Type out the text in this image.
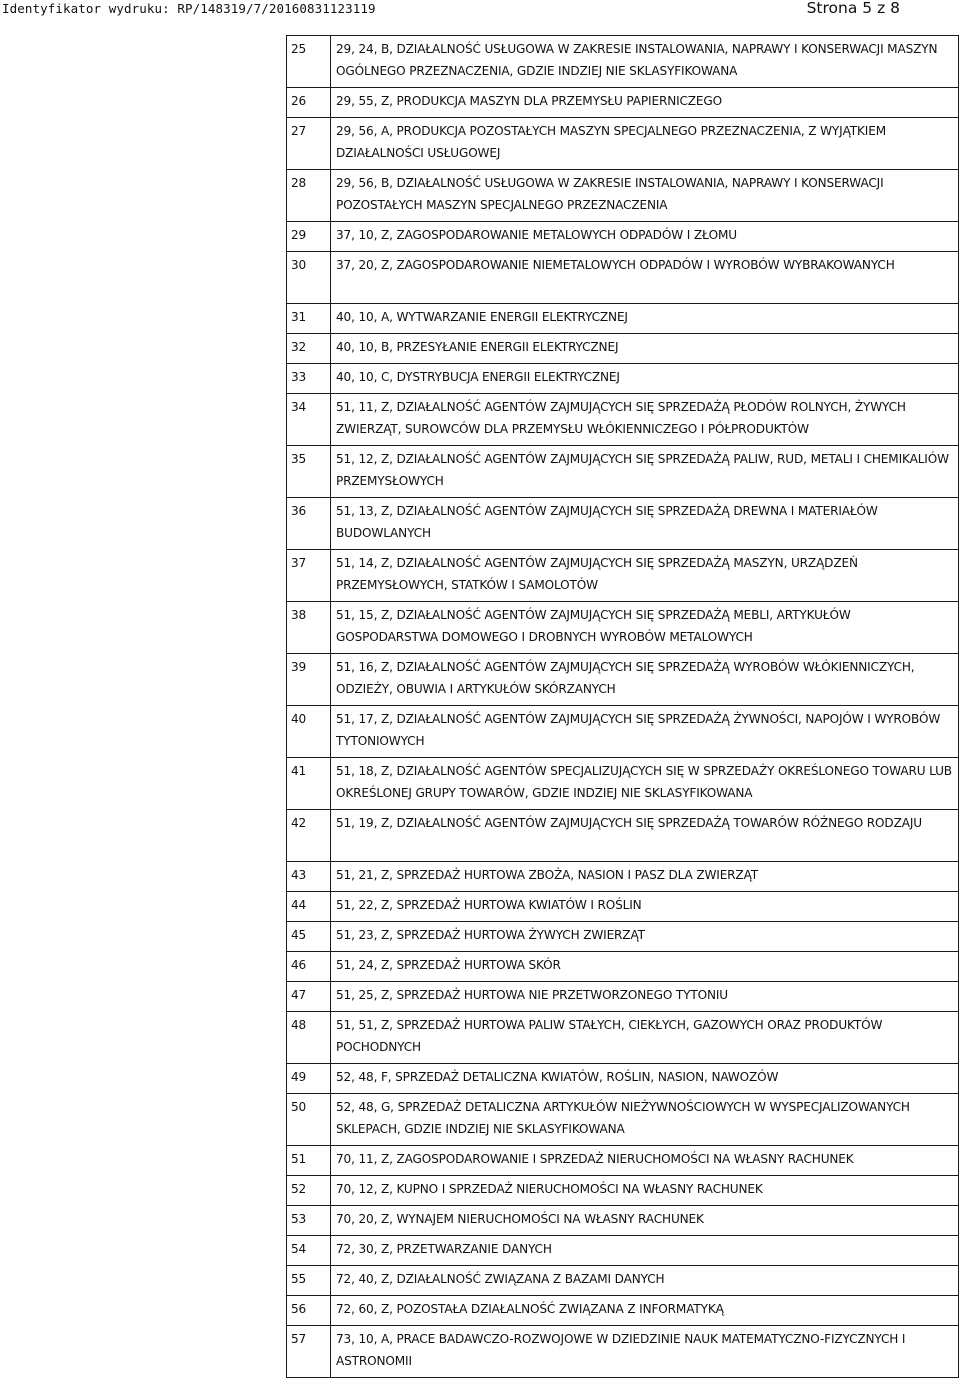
Identyfikator wydruku: RP/148319/7/20160831123119	Strona 5 z 8
25	29, 24, B, DZIAŁALNOŚĆ USŁUGOWA W ZAKRESIE INSTALOWANIA, NAPRAWY I KONSERWACJI MASZYN OGÓLNEGO PRZEZNACZENIA, GDZIE INDZIEJ NIE SKLASYFIKOWANA
26	29, 55, Z, PRODUKCJA MASZYN DLA PRZEMYSŁU PAPIERNICZEGO
27	29, 56, A, PRODUKCJA POZOSTAŁYCH MASZYN SPECJALNEGO PRZEZNACZENIA, Z WYJĄTKIEM DZIAŁALNOŚCI USŁUGOWEJ
28	29, 56, B, DZIAŁALNOŚĆ USŁUGOWA W ZAKRESIE INSTALOWANIA, NAPRAWY I KONSERWACJI POZOSTAŁYCH MASZYN SPECJALNEGO PRZEZNACZENIA
29	37, 10, Z, ZAGOSPODAROWANIE METALOWYCH ODPADÓW I ZŁOMU
30	37, 20, Z, ZAGOSPODAROWANIE NIEMETALOWYCH ODPADÓW I WYROBÓW WYBRAKOWANYCH
31	40, 10, A, WYTWARZANIE ENERGII ELEKTRYCZNEJ
32	40, 10, B, PRZESYŁANIE ENERGII ELEKTRYCZNEJ
33	40, 10, C, DYSTRYBUCJA ENERGII ELEKTRYCZNEJ
34	51, 11, Z, DZIAŁALNOŚĆ AGENTÓW ZAJMUJĄCYCH SIĘ SPRZEDAŻĄ PŁODÓW ROLNYCH, ŻYWYCH ZWIERZĄT, SUROWCÓW DLA PRZEMYSŁU WŁÓKIENNICZEGO I PÓŁPRODUKTÓW
35	51, 12, Z, DZIAŁALNOŚĆ AGENTÓW ZAJMUJĄCYCH SIĘ SPRZEDAŻĄ PALIW, RUD, METALI I CHEMIKALIÓW PRZEMYSŁOWYCH
36	51, 13, Z, DZIAŁALNOŚĆ AGENTÓW ZAJMUJĄCYCH SIĘ SPRZEDAŻĄ DREWNA I MATERIAŁÓW BUDOWLANYCH
37	51, 14, Z, DZIAŁALNOŚĆ AGENTÓW ZAJMUJĄCYCH SIĘ SPRZEDAŻĄ MASZYN, URZĄDZEŃ PRZEMYSŁOWYCH, STATKÓW I SAMOLOTÓW
38	51, 15, Z, DZIAŁALNOŚĆ AGENTÓW ZAJMUJĄCYCH SIĘ SPRZEDAŻĄ MEBLI, ARTYKUŁÓW GOSPODARSTWA DOMOWEGO I DROBNYCH WYROBÓW METALOWYCH
39	51, 16, Z, DZIAŁALNOŚĆ AGENTÓW ZAJMUJĄCYCH SIĘ SPRZEDAŻĄ WYROBÓW WŁÓKIENNICZYCH, ODZIEŻY, OBUWIA I ARTYKUŁÓW SKÓRZANYCH
40	51, 17, Z, DZIAŁALNOŚĆ AGENTÓW ZAJMUJĄCYCH SIĘ SPRZEDAŻĄ ŻYWNOŚCI, NAPOJÓW I WYROBÓW TYTONIOWYCH
41	51, 18, Z, DZIAŁALNOŚĆ AGENTÓW SPECJALIZUJĄCYCH SIĘ W SPRZEDAŻY OKREŚLONEGO TOWARU LUB OKREŚLONEJ GRUPY TOWARÓW, GDZIE INDZIEJ NIE SKLASYFIKOWANA
42	51, 19, Z, DZIAŁALNOŚĆ AGENTÓW ZAJMUJĄCYCH SIĘ SPRZEDAŻĄ TOWARÓW RÓŻNEGO RODZAJU
43	51, 21, Z, SPRZEDAŻ HURTOWA ZBOŻA, NASION I PASZ DLA ZWIERZĄT
44	51, 22, Z, SPRZEDAŻ HURTOWA KWIATÓW I ROŚLIN
45	51, 23, Z, SPRZEDAŻ HURTOWA ŻYWYCH ZWIERZĄT
46	51, 24, Z, SPRZEDAŻ HURTOWA SKÓR
47	51, 25, Z, SPRZEDAŻ HURTOWA NIE PRZETWORZONEGO TYTONIU
48	51, 51, Z, SPRZEDAŻ HURTOWA PALIW STAŁYCH, CIEKŁYCH, GAZOWYCH ORAZ PRODUKTÓW POCHODNYCH
49	52, 48, F, SPRZEDAŻ DETALICZNA KWIATÓW, ROŚLIN, NASION, NAWOZÓW
50	52, 48, G, SPRZEDAŻ DETALICZNA ARTYKUŁÓW NIEŻYWNOŚCIOWYCH W WYSPECJALIZOWANYCH SKLEPACH, GDZIE INDZIEJ NIE SKLASYFIKOWANA
51	70, 11, Z, ZAGOSPODAROWANIE I SPRZEDAŻ NIERUCHOMOŚCI NA WŁASNY RACHUNEK
52	70, 12, Z, KUPNO I SPRZEDAŻ NIERUCHOMOŚCI NA WŁASNY RACHUNEK
53	70, 20, Z, WYNAJEM NIERUCHOMOŚCI NA WŁASNY RACHUNEK
54	72, 30, Z, PRZETWARZANIE DANYCH
55	72, 40, Z, DZIAŁALNOŚĆ ZWIĄZANA Z BAZAMI DANYCH
56	72, 60, Z, POZOSTAŁA DZIAŁALNOŚĆ ZWIĄZANA Z INFORMATYKĄ
57	73, 10, A, PRACE BADAWCZO-ROZWOJOWE W DZIEDZINIE NAUK MATEMATYCZNO-FIZYCZNYCH I ASTRONOMII
